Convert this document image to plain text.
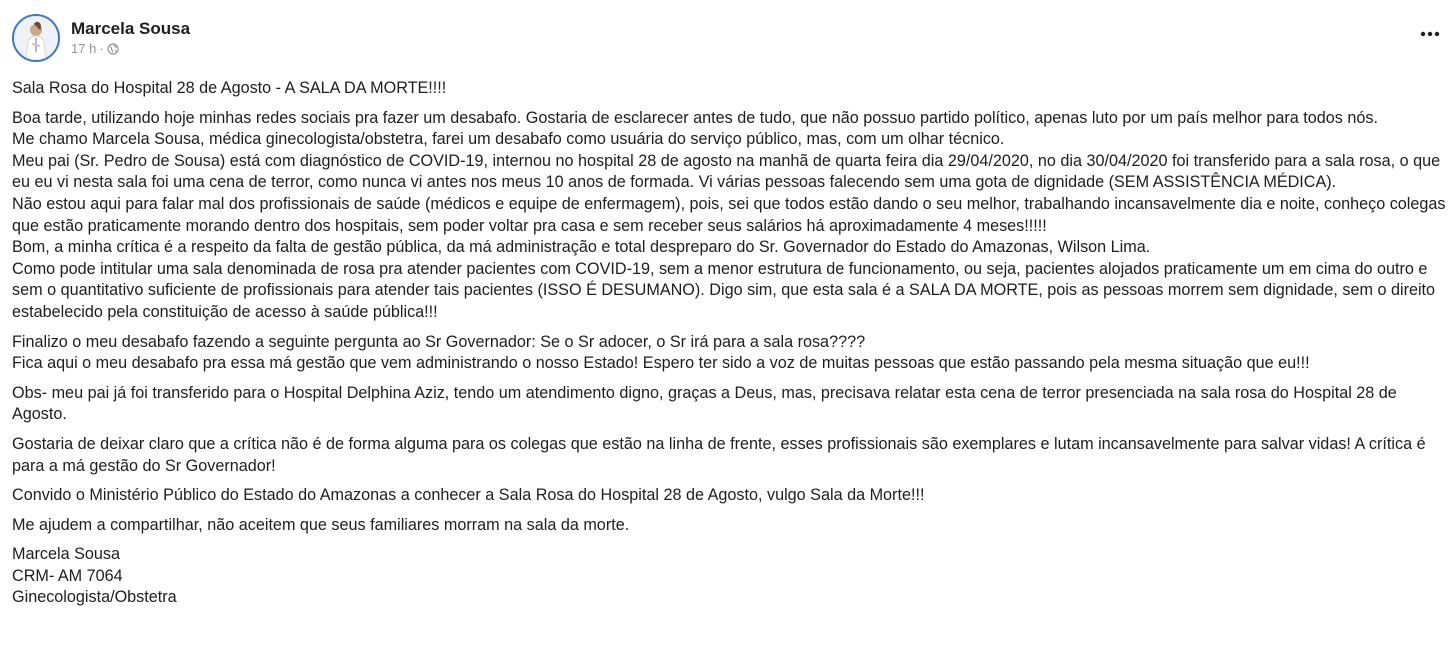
Marcela Sousa
17 h ·

Sala Rosa do Hospital 28 de Agosto - A SALA DA MORTE!!!!

Boa tarde, utilizando hoje minhas redes sociais pra fazer um desabafo. Gostaria de esclarecer antes de tudo, que não possuo partido político, apenas luto por um país melhor para todos nós.
Me chamo Marcela Sousa, médica ginecologista/obstetra, farei um desabafo como usuária do serviço público, mas, com um olhar técnico.
Meu pai (Sr. Pedro de Sousa) está com diagnóstico de COVID-19, internou no hospital 28 de agosto na manhã de quarta feira dia 29/04/2020, no dia 30/04/2020 foi transferido para a sala rosa, o que eu eu vi nesta sala foi uma cena de terror, como nunca vi antes nos meus 10 anos de formada. Vi várias pessoas falecendo sem uma gota de dignidade (SEM ASSISTÊNCIA MÉDICA).
Não estou aqui para falar mal dos profissionais de saúde (médicos e equipe de enfermagem), pois, sei que todos estão dando o seu melhor, trabalhando incansavelmente dia e noite, conheço colegas que estão praticamente morando dentro dos hospitais, sem poder voltar pra casa e sem receber seus salários há aproximadamente 4 meses!!!!!
Bom, a minha crítica é a respeito da falta de gestão pública, da má administração e total despreparo do Sr. Governador do Estado do Amazonas, Wilson Lima.
Como pode intitular uma sala denominada de rosa pra atender pacientes com COVID-19, sem a menor estrutura de funcionamento, ou seja, pacientes alojados praticamente um em cima do outro e sem o quantitativo suficiente de profissionais para atender tais pacientes (ISSO É DESUMANO). Digo sim, que esta sala é a SALA DA MORTE, pois as pessoas morrem sem dignidade, sem o direito estabelecido pela constituição de acesso à saúde pública!!!

Finalizo o meu desabafo fazendo a seguinte pergunta ao Sr Governador: Se o Sr adocer, o Sr irá para a sala rosa????
Fica aqui o meu desabafo pra essa má gestão que vem administrando o nosso Estado! Espero ter sido a voz de muitas pessoas que estão passando pela mesma situação que eu!!!

Obs- meu pai já foi transferido para o Hospital Delphina Aziz, tendo um atendimento digno, graças a Deus, mas, precisava relatar esta cena de terror presenciada na sala rosa do Hospital 28 de Agosto.

Gostaria de deixar claro que a crítica não é de forma alguma para os colegas que estão na linha de frente, esses profissionais são exemplares e lutam incansavelmente para salvar vidas! A crítica é para a má gestão do Sr Governador!

Convido o Ministério Público do Estado do Amazonas a conhecer a Sala Rosa do Hospital 28 de Agosto, vulgo Sala da Morte!!!

Me ajudem a compartilhar, não aceitem que seus familiares morram na sala da morte.

Marcela Sousa
CRM- AM 7064
Ginecologista/Obstetra
